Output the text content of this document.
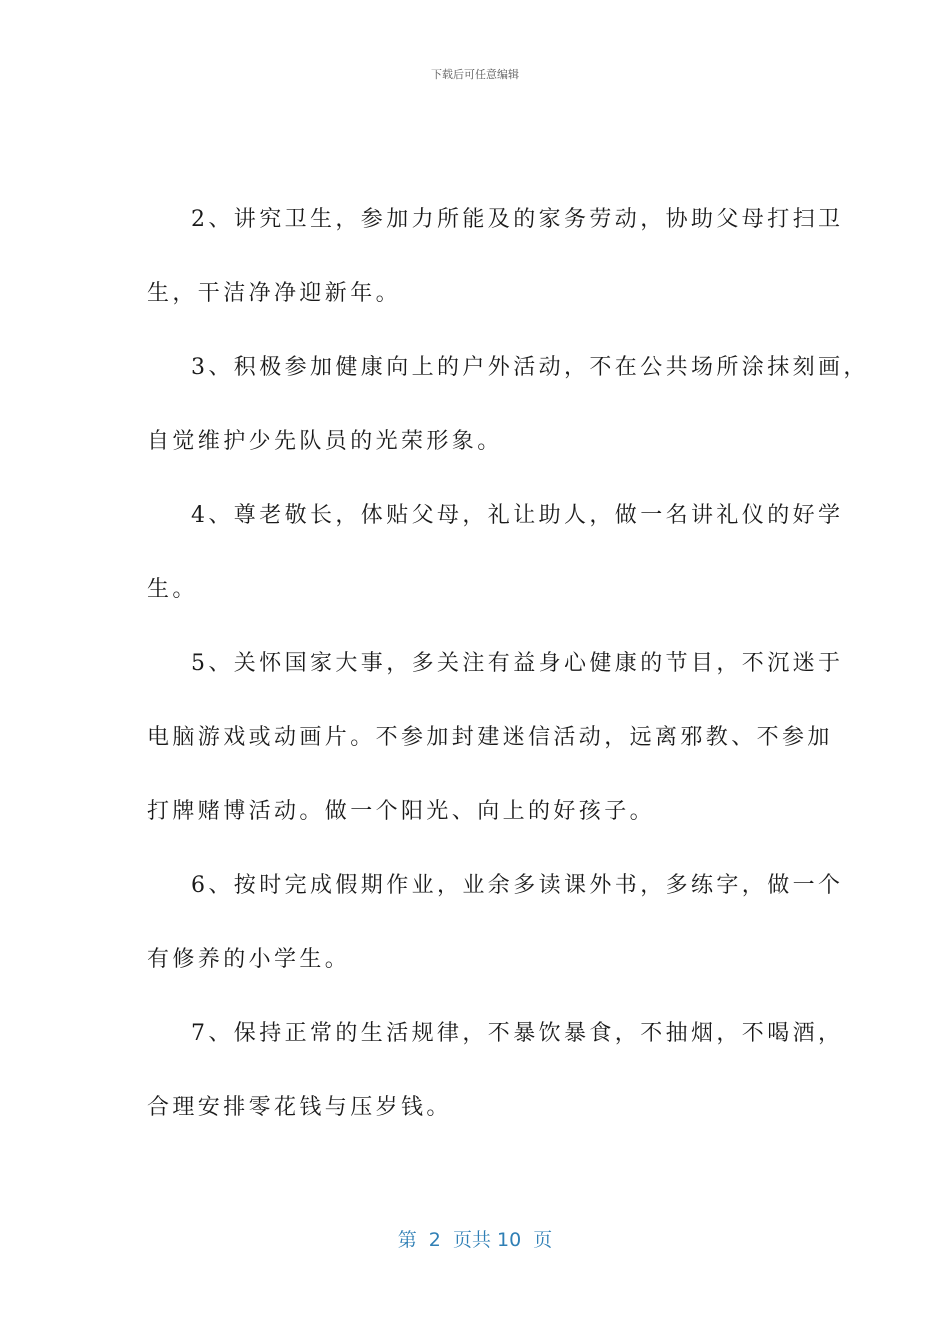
下载后可任意编辑
2、讲究卫生，参加力所能及的家务劳动，协助父母打扫卫
生，干洁净净迎新年。
3、积极参加健康向上的户外活动，不在公共场所涂抹刻画，
自觉维护少先队员的光荣形象。
4、尊老敬长，体贴父母，礼让助人，做一名讲礼仪的好学
生。
5、关怀国家大事，多关注有益身心健康的节目，不沉迷于
电脑游戏或动画片。不参加封建迷信活动，远离邪教、不参加
打牌赌博活动。做一个阳光、向上的好孩子。
6、按时完成假期作业，业余多读课外书，多练字，做一个
有修养的小学生。
7、保持正常的生活规律，不暴饮暴食，不抽烟，不喝酒，
合理安排零花钱与压岁钱。
第  2  页共 10  页
